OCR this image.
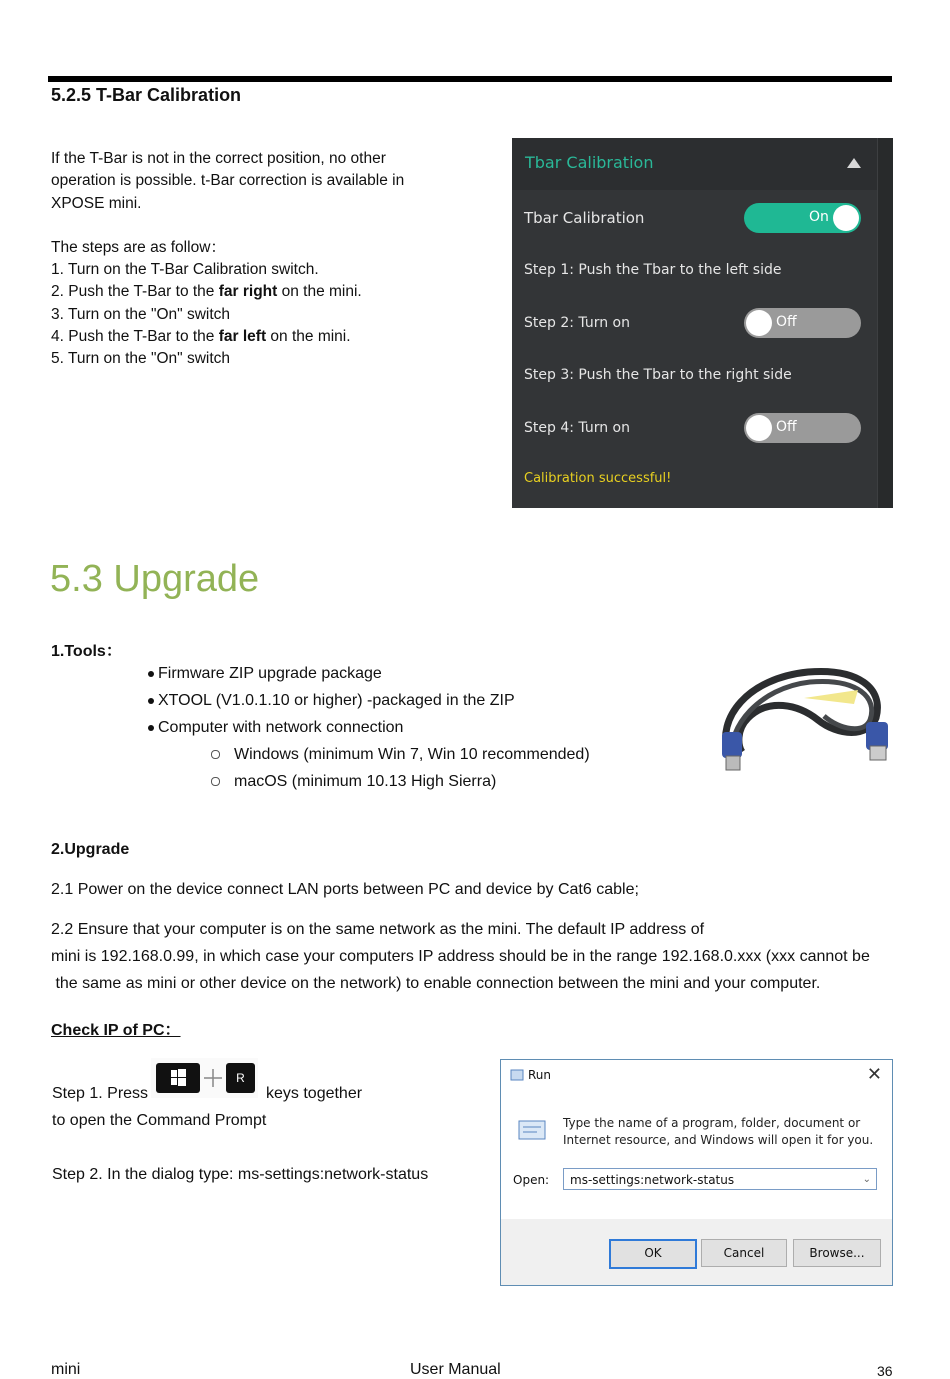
5.2.5 T-Bar Calibration

If the T-Bar is not in the correct position, no other

operation is possible. t-Bar correction is available in

XPOSE mini.

The steps are as follow：

1. Turn on the T-Bar Calibration switch.

2. Push the T-Bar to the far right on the mini.

3. Turn on the "On" switch

4. Push the T-Bar to the far left on the mini.

5. Turn on the "On" switch

Tbar Calibration
Tbar Calibration	On
Step 1: Push the Tbar to the left side
Step 2: Turn on	Off
Step 3: Push the Tbar to the right side
Step 4: Turn on	Off
Calibration successful!
5.3 Upgrade
1.Tools：
Firmware ZIP upgrade package
XTOOL (V1.0.1.10 or higher) -packaged in the ZIP
Computer with network connection
Windows (minimum Win 7, Win 10 recommended)
macOS (minimum 10.13 High Sierra)
2.Upgrade
2.1 Power on the device connect LAN ports between PC and device by Cat6 cable;
2.2 Ensure that your computer is on the same network as the mini. The default IP address of
mini is 192.168.0.99, in which case your computers IP address should be in the range 192.168.0.xxx (xxx cannot be
the same as mini or other device on the network) to enable connection between the mini and your computer.
Check IP of PC：
Step 1. Press
R
keys together
to open the Command Prompt
Step 2. In the dialog type: ms-settings:network-status
Run	✕
Type the name of a program, folder, document or
Internet resource, and Windows will open it for you.
Open:	ms-settings:network-status	⌄
OK	Cancel	Browse...
mini	User Manual	36
